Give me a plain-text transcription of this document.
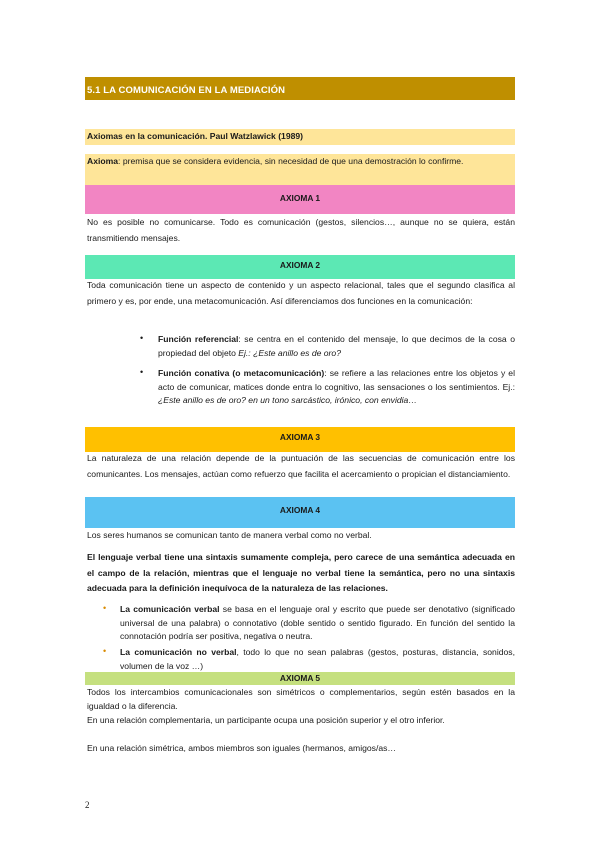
5.1 LA COMUNICACIÓN EN LA MEDIACIÓN
Axiomas en la comunicación. Paul Watzlawick (1989)
Axioma: premisa que se considera evidencia, sin necesidad de que una demostración lo confirme.
AXIOMA 1
No es posible no comunicarse. Todo es comunicación (gestos, silencios…, aunque no se quiera, están transmitiendo mensajes.
AXIOMA 2
Toda comunicación tiene un aspecto de contenido y un aspecto relacional, tales que el segundo clasifica al primero y es, por ende, una metacomunicación. Así diferenciamos dos funciones en la comunicación:
• Función referencial: se centra en el contenido del mensaje, lo que decimos de la cosa o propiedad del objeto Ej.: ¿Este anillo es de oro?
• Función conativa (o metacomunicación): se refiere a las relaciones entre los objetos y el acto de comunicar, matices donde entra lo cognitivo, las sensaciones o los sentimientos. Ej.: ¿Este anillo es de oro? en un tono sarcástico, irónico, con envidia…
AXIOMA 3
La naturaleza de una relación depende de la puntuación de las secuencias de comunicación entre los comunicantes. Los mensajes, actúan como refuerzo que facilita el acercamiento o propician el distanciamiento.
AXIOMA 4
Los seres humanos se comunican tanto de manera verbal como no verbal.
El lenguaje verbal tiene una sintaxis sumamente compleja, pero carece de una semántica adecuada en el campo de la relación, mientras que el lenguaje no verbal tiene la semántica, pero no una sintaxis adecuada para la definición inequívoca de la naturaleza de las relaciones.
• La comunicación verbal se basa en el lenguaje oral y escrito que puede ser denotativo (significado universal de una palabra) o connotativo (doble sentido o sentido figurado. En función del sentido la connotación podría ser positiva, negativa o neutra.
• La comunicación no verbal, todo lo que no sean palabras (gestos, posturas, distancia, sonidos, volumen de la voz …)
AXIOMA 5
Todos los intercambios comunicacionales son simétricos o complementarios, según estén basados en la igualdad o la diferencia.
En una relación complementaria, un participante ocupa una posición superior y el otro inferior.
En una relación simétrica, ambos miembros son iguales (hermanos, amigos/as…
2
